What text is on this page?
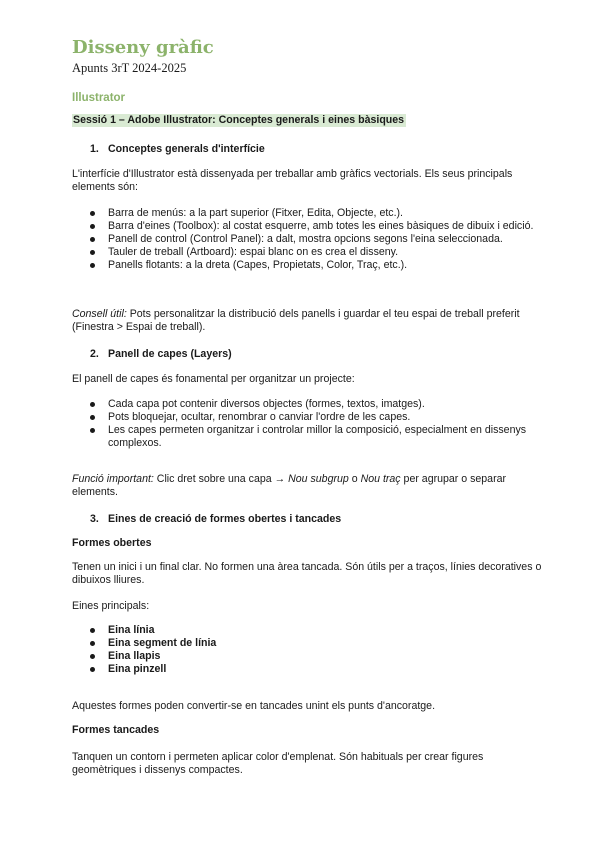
Disseny gràfic
Apunts 3rT 2024-2025
Illustrator
Sessió 1 – Adobe Illustrator: Conceptes generals i eines bàsiques
1. Conceptes generals d'interfície
L'interfície d'Illustrator està dissenyada per treballar amb gràfics vectorials. Els seus principals elements són:
Barra de menús: a la part superior (Fitxer, Edita, Objecte, etc.).
Barra d'eines (Toolbox): al costat esquerre, amb totes les eines bàsiques de dibuix i edició.
Panell de control (Control Panel): a dalt, mostra opcions segons l'eina seleccionada.
Tauler de treball (Artboard): espai blanc on es crea el disseny.
Panells flotants: a la dreta (Capes, Propietats, Color, Traç, etc.).
Consell útil: Pots personalitzar la distribució dels panells i guardar el teu espai de treball preferit (Finestra > Espai de treball).
2. Panell de capes (Layers)
El panell de capes és fonamental per organitzar un projecte:
Cada capa pot contenir diversos objectes (formes, textos, imatges).
Pots bloquejar, ocultar, renombrar o canviar l'ordre de les capes.
Les capes permeten organitzar i controlar millor la composició, especialment en dissenys complexos.
Funció important: Clic dret sobre una capa → Nou subgrup o Nou traç per agrupar o separar elements.
3. Eines de creació de formes obertes i tancades
Formes obertes
Tenen un inici i un final clar. No formen una àrea tancada. Són útils per a traços, línies decoratives o dibuixos lliures.
Eines principals:
Eina línia
Eina segment de línia
Eina llapis
Eina pinzell
Aquestes formes poden convertir-se en tancades unint els punts d'ancoratge.
Formes tancades
Tanquen un contorn i permeten aplicar color d'emplenat. Són habituals per crear figures geomètriques i dissenys compactes.
